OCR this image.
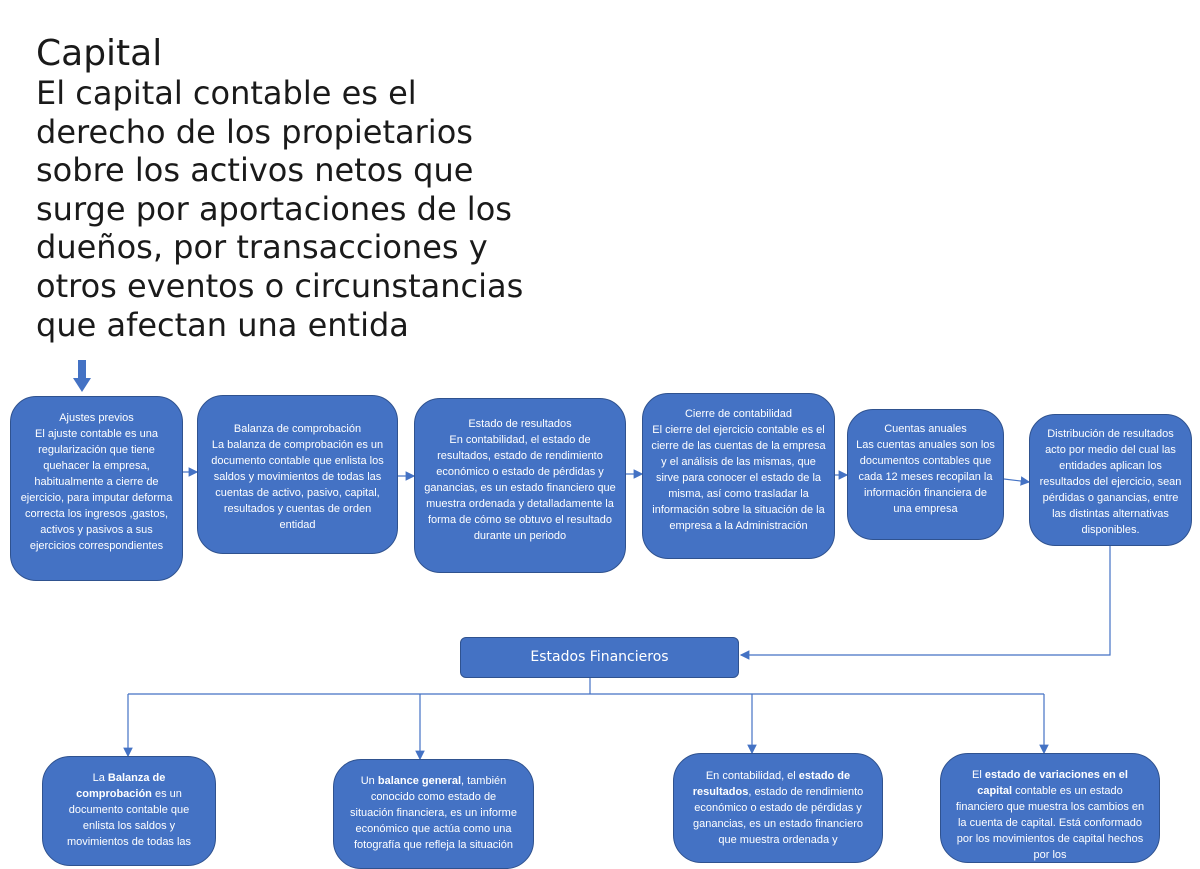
Capital
El capital contable es el derecho de los propietarios sobre los activos netos que surge por aportaciones de los dueños, por transacciones y otros eventos o circunstancias que afectan una entida
Ajustes previos
El ajuste contable es una regularización que tiene quehacer la empresa, habitualmente a cierre de ejercicio, para imputar deforma correcta los ingresos ,gastos, activos y pasivos a sus ejercicios correspondientes
Balanza de comprobación
La balanza de comprobación es un documento contable que enlista los saldos y movimientos de todas las cuentas de activo, pasivo, capital, resultados y cuentas de orden entidad
Estado de resultados
En contabilidad, el estado de resultados, estado de rendimiento económico o estado de pérdidas y ganancias, es un estado financiero que muestra ordenada y detalladamente la forma de cómo se obtuvo el resultado durante un periodo
Cierre de contabilidad
El cierre del ejercicio contable es el cierre de las cuentas de la empresa y el análisis de las mismas, que sirve para conocer el estado de la misma, así como trasladar la información sobre la situación de la empresa a la Administración
Cuentas anuales
Las cuentas anuales son los documentos contables que cada 12 meses recopilan la información financiera de una empresa
Distribución de resultados
acto por medio del cual las entidades aplican los resultados del ejercicio, sean pérdidas o ganancias, entre las distintas alternativas disponibles.
Estados Financieros
La Balanza de comprobación es un documento contable que enlista los saldos y movimientos de todas las
Un balance general, también conocido como estado de situación financiera, es un informe económico que actúa como una fotografía que refleja la situación
En contabilidad, el estado de resultados, estado de rendimiento económico o estado de pérdidas y ganancias, es un estado financiero que muestra ordenada y
El estado de variaciones en el capital contable es un estado financiero que muestra los cambios en la cuenta de capital. Está conformado por los movimientos de capital hechos por los
